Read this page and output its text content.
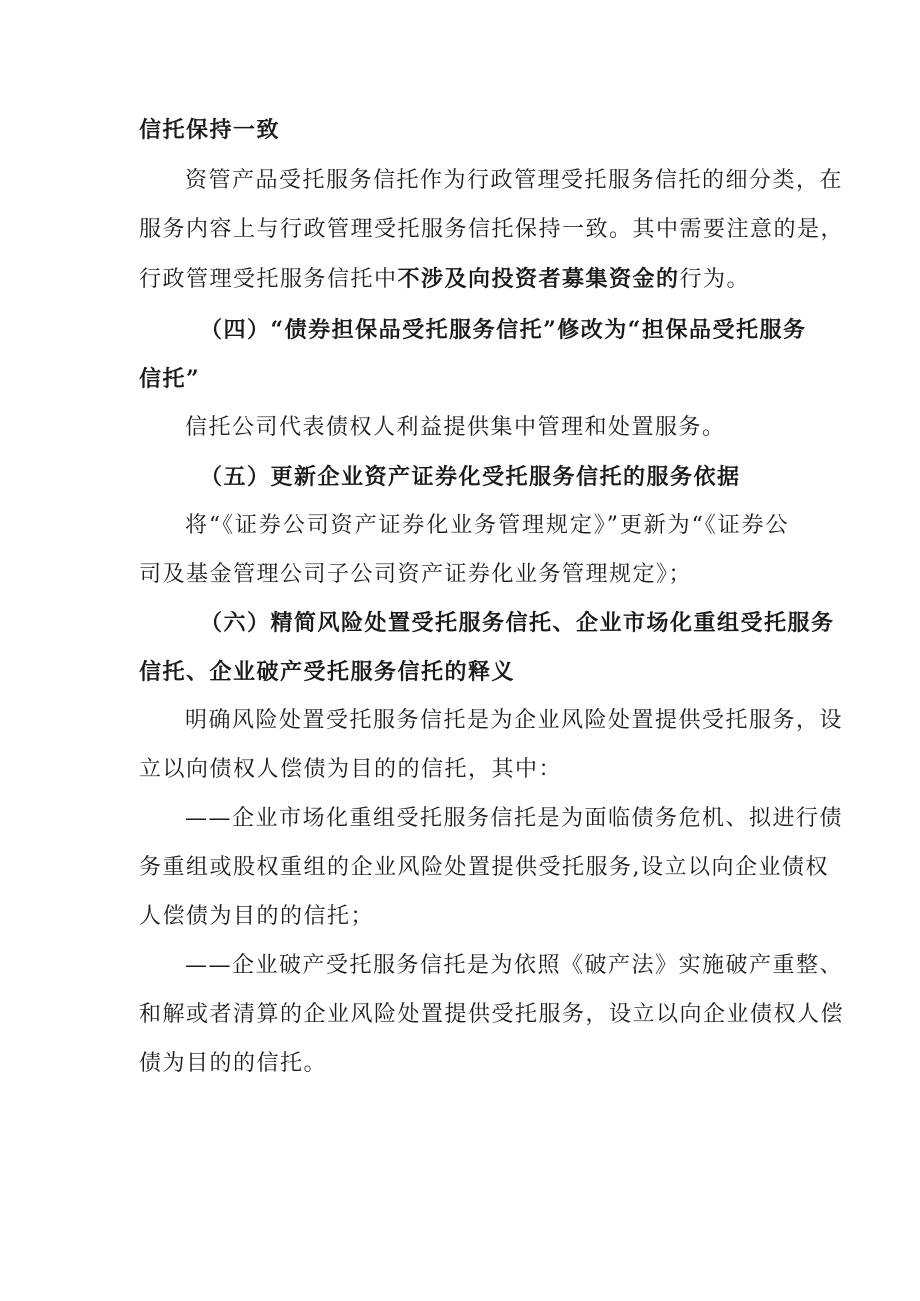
信托保持一致
资管产品受托服务信托作为行政管理受托服务信托的细分类，在
服务内容上与行政管理受托服务信托保持一致。其中需要注意的是，
行政管理受托服务信托中不涉及向投资者募集资金的行为。
（四）“债券担保品受托服务信托”修改为“担保品受托服务
信托”
信托公司代表债权人利益提供集中管理和处置服务。
（五）更新企业资产证券化受托服务信托的服务依据
将“《证券公司资产证券化业务管理规定》”更新为“《证券公
司及基金管理公司子公司资产证券化业务管理规定》；
（六）精简风险处置受托服务信托、企业市场化重组受托服务
信托、企业破产受托服务信托的释义
明确风险处置受托服务信托是为企业风险处置提供受托服务，设
立以向债权人偿债为目的的信托，其中：
——企业市场化重组受托服务信托是为面临债务危机、拟进行债
务重组或股权重组的企业风险处置提供受托服务,设立以向企业债权
人偿债为目的的信托；
——企业破产受托服务信托是为依照《破产法》实施破产重整、
和解或者清算的企业风险处置提供受托服务，设立以向企业债权人偿
债为目的的信托。
